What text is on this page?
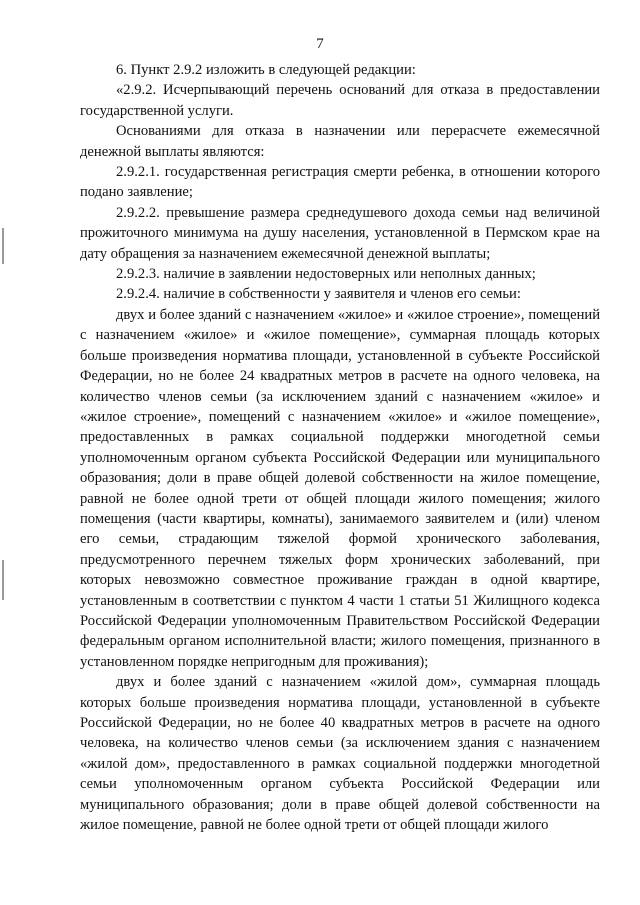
7

6. Пункт 2.9.2 изложить в следующей редакции:

«2.9.2. Исчерпывающий перечень оснований для отказа в предоставлении государственной услуги.

Основаниями для отказа в назначении или перерасчете ежемесячной денежной выплаты являются:

2.9.2.1. государственная регистрация смерти ребенка, в отношении которого подано заявление;

2.9.2.2. превышение размера среднедушевого дохода семьи над величиной прожиточного минимума на душу населения, установленной в Пермском крае на дату обращения за назначением ежемесячной денежной выплаты;

2.9.2.3. наличие в заявлении недостоверных или неполных данных;

2.9.2.4. наличие в собственности у заявителя и членов его семьи:

двух и более зданий с назначением «жилое» и «жилое строение», помещений с назначением «жилое» и «жилое помещение», суммарная площадь которых больше произведения норматива площади, установленной в субъекте Российской Федерации, но не более 24 квадратных метров в расчете на одного человека, на количество членов семьи (за исключением зданий с назначением «жилое» и «жилое строение», помещений с назначением «жилое» и «жилое помещение», предоставленных в рамках социальной поддержки многодетной семьи уполномоченным органом субъекта Российской Федерации или муниципального образования; доли в праве общей долевой собственности на жилое помещение, равной не более одной трети от общей площади жилого помещения; жилого помещения (части квартиры, комнаты), занимаемого заявителем и (или) членом его семьи, страдающим тяжелой формой хронического заболевания, предусмотренного перечнем тяжелых форм хронических заболеваний, при которых невозможно совместное проживание граждан в одной квартире, установленным в соответствии с пунктом 4 части 1 статьи 51 Жилищного кодекса Российской Федерации уполномоченным Правительством Российской Федерации федеральным органом исполнительной власти; жилого помещения, признанного в установленном порядке непригодным для проживания);

двух и более зданий с назначением «жилой дом», суммарная площадь которых больше произведения норматива площади, установленной в субъекте Российской Федерации, но не более 40 квадратных метров в расчете на одного человека, на количество членов семьи (за исключением здания с назначением «жилой дом», предоставленного в рамках социальной поддержки многодетной семьи уполномоченным органом субъекта Российской Федерации или муниципального образования; доли в праве общей долевой собственности на жилое помещение, равной не более одной трети от общей площади жилого
